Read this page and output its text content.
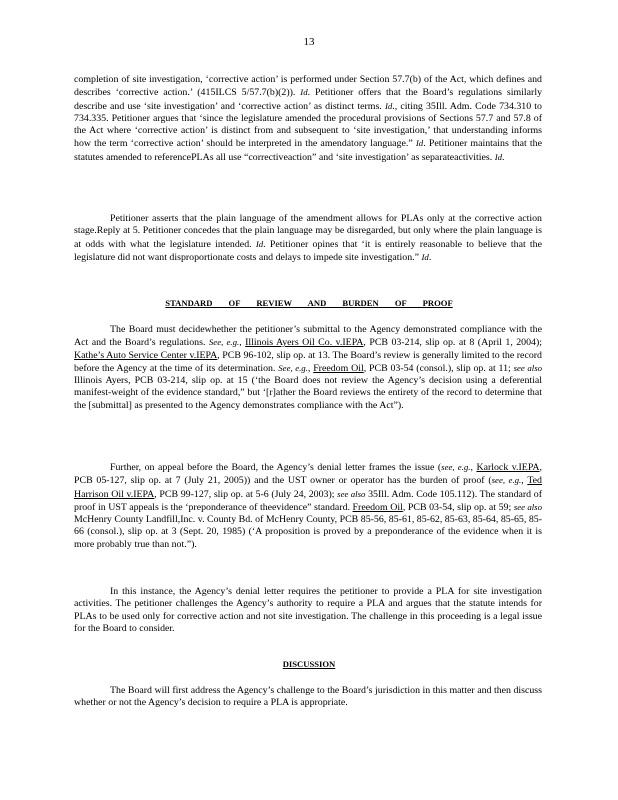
13

completion of site investigation, ‘corrective action’ is performed under Section 57.7(b) of the Act, which defines and describes ‘corrective action.’ (415ILCS 5/57.7(b)(2)). Id. Petitioner offers that the Board’s regulations similarly describe and use ‘site investigation’ and ‘corrective action’ as distinct terms. Id., citing 35Ill. Adm. Code 734.310 to 734.335. Petitioner argues that ‘since the legislature amended the procedural provisions of Sections 57.7 and 57.8 of the Act where ‘corrective action’ is distinct from and subsequent to ‘site investigation,’ that understanding informs how the term ‘corrective action’ should be interpreted in the amendatory language.” Id. Petitioner maintains that the statutes amended to referencePLAs all use “correctiveaction” and ‘site investigation’ as separateactivities. Id.

Petitioner asserts that the plain language of the amendment allows for PLAs only at the corrective action stage.Reply at 5. Petitioner concedes that the plain language may be disregarded, but only where the plain language is at odds with what the legislature intended. Id. Petitioner opines that ‘it is entirely reasonable to believe that the legislature did not want disproportionate costs and delays to impede site investigation.” Id.

STANDARD OF REVIEW AND BURDEN OF PROOF

The Board must decidewhether the petitioner’s submittal to the Agency demonstrated compliance with the Act and the Board’s regulations. See, e.g., Illinois Ayers Oil Co. v.IEPA, PCB 03-214, slip op. at 8 (April 1, 2004); Kathe’s Auto Service Center v.IEPA, PCB 96-102, slip op. at 13. The Board’s review is generally limited to the record before the Agency at the time of its determination. See, e.g., Freedom Oil, PCB 03-54 (consol.), slip op. at 11; see also Illinois Ayers, PCB 03-214, slip op. at 15 (‘the Board does not review the Agency’s decision using a deferential manifest-weight of the evidence standard,” but ‘[r]ather the Board reviews the entirety of the record to determine that the [submittal] as presented to the Agency demonstrates compliance with the Act”).

Further, on appeal before the Board, the Agency’s denial letter frames the issue (see, e.g., Karlock v.IEPA, PCB 05-127, slip op. at 7 (July 21, 2005)) and the UST owner or operator has the burden of proof (see, e.g., Ted Harrison Oil v.IEPA, PCB 99-127, slip op. at 5-6 (July 24, 2003); see also 35Ill. Adm. Code 105.112). The standard of proof in UST appeals is the ‘preponderance of theevidence” standard. Freedom Oil, PCB 03-54, slip op. at 59; see also McHenry County Landfill,Inc. v. County Bd. of McHenry County, PCB 85-56, 85-61, 85-62, 85-63, 85-64, 85-65, 85-66 (consol.), slip op. at 3 (Sept. 20, 1985) (‘A proposition is proved by a preponderance of the evidence when it is more probably true than not.”).

In this instance, the Agency’s denial letter requires the petitioner to provide a PLA for site investigation activities. The petitioner challenges the Agency’s authority to require a PLA and argues that the statute intends for PLAs to be used only for corrective action and not site investigation. The challenge in this proceeding is a legal issue for the Board to consider.

DISCUSSION

The Board will first address the Agency’s challenge to the Board’s jurisdiction in this matter and then discuss whether or not the Agency’s decision to require a PLA is appropriate.
